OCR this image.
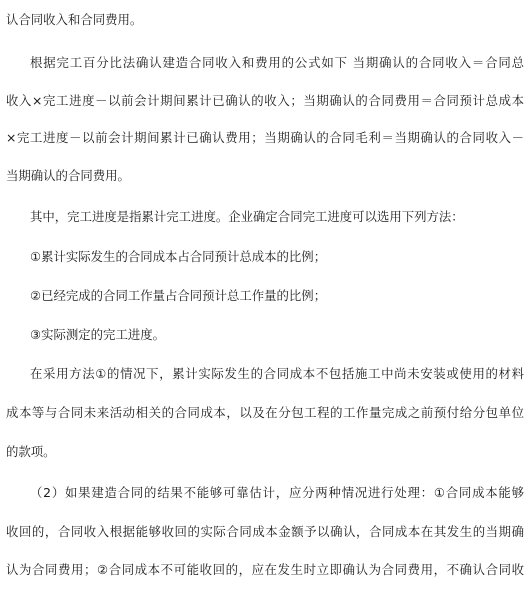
认合同收入和合同费用。
根据完工百分比法确认建造合同收入和费用的公式如下 当期确认的合同收入＝合同总
收入×完工进度－以前会计期间累计已确认的收入；当期确认的合同费用＝合同预计总成本
×完工进度－以前会计期间累计已确认费用；当期确认的合同毛利＝当期确认的合同收入－
当期确认的合同费用。
其中，完工进度是指累计完工进度。企业确定合同完工进度可以选用下列方法：
①累计实际发生的合同成本占合同预计总成本的比例；
②已经完成的合同工作量占合同预计总工作量的比例；
③实际测定的完工进度。
在采用方法①的情况下，累计实际发生的合同成本不包括施工中尚未安装或使用的材料
成本等与合同未来活动相关的合同成本，以及在分包工程的工作量完成之前预付给分包单位
的款项。
（2）如果建造合同的结果不能够可靠估计，应分两种情况进行处理：①合同成本能够
收回的，合同收入根据能够收回的实际合同成本金额予以确认，合同成本在其发生的当期确
认为合同费用；②合同成本不可能收回的，应在发生时立即确认为合同费用，不确认合同收
